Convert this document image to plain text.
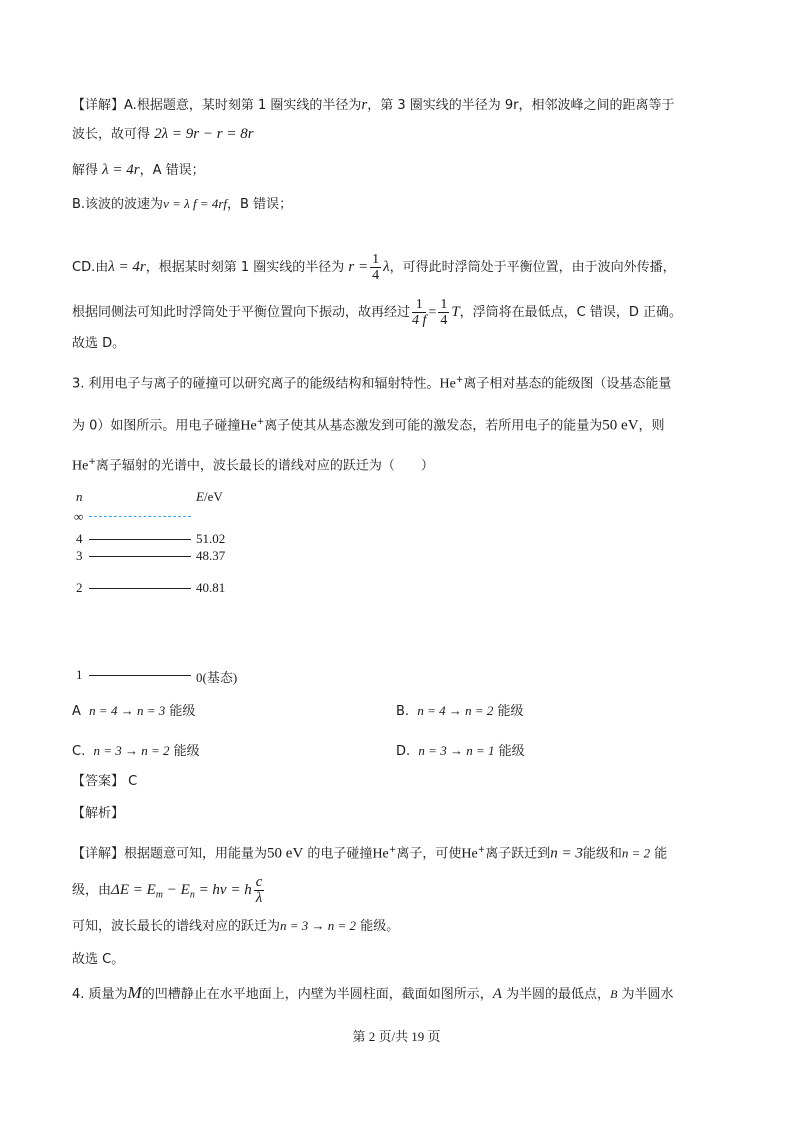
【详解】A.根据题意，某时刻第 1 圈实线的半径为r，第 3 圈实线的半径为 9r，相邻波峰之间的距离等于
波长，故可得 2λ = 9r − r = 8r
解得 λ = 4r，A 错误；
B.该波的波速为v = λ f = 4rf，B 错误；
CD.由λ = 4r，根据某时刻第 1 圈实线的半径为 $r = \frac{1}{4}$ λ，可得此时浮筒处于平衡位置，由于波向外传播，
根据同侧法可知此时浮筒处于平衡位置向下振动，故再经过 $\frac{1}{4 f} = \frac{1}{4}$ T，浮筒将在最低点，C 错误，D 正确。
故选 D。
3. 利用电子与离子的碰撞可以研究离子的能级结构和辐射特性。He+离子相对基态的能级图（设基态能量
为 0）如图所示。用电子碰撞He+离子使其从基态激发到可能的激发态，若所用电子的能量为50 eV，则
He+离子辐射的光谱中，波长最长的谱线对应的跃迁为（　　）
n	E/eV
∞
4	51.02
3	48.37
2	40.81
1	0(基态)
A n = 4 → n = 3 能级	B. n = 4 → n = 2 能级
C. n = 3 → n = 2 能级	D. n = 3 → n = 1 能级
【答案】 C
【解析】
【详解】根据题意可知，用能量为50 eV 的电子碰撞He+离子，可使He+离子跃迁到n = 3能级和n = 2 能
级，由$\Delta E = E_m - E_n = h\nu = h \frac{c}{\lambda}$
可知，波长最长的谱线对应的跃迁为n = 3 → n = 2 能级。
故选 C。
4. 质量为M的凹槽静止在水平地面上，内壁为半圆柱面，截面如图所示，A 为半圆的最低点，B 为半圆水
第 2 页/共 19 页
